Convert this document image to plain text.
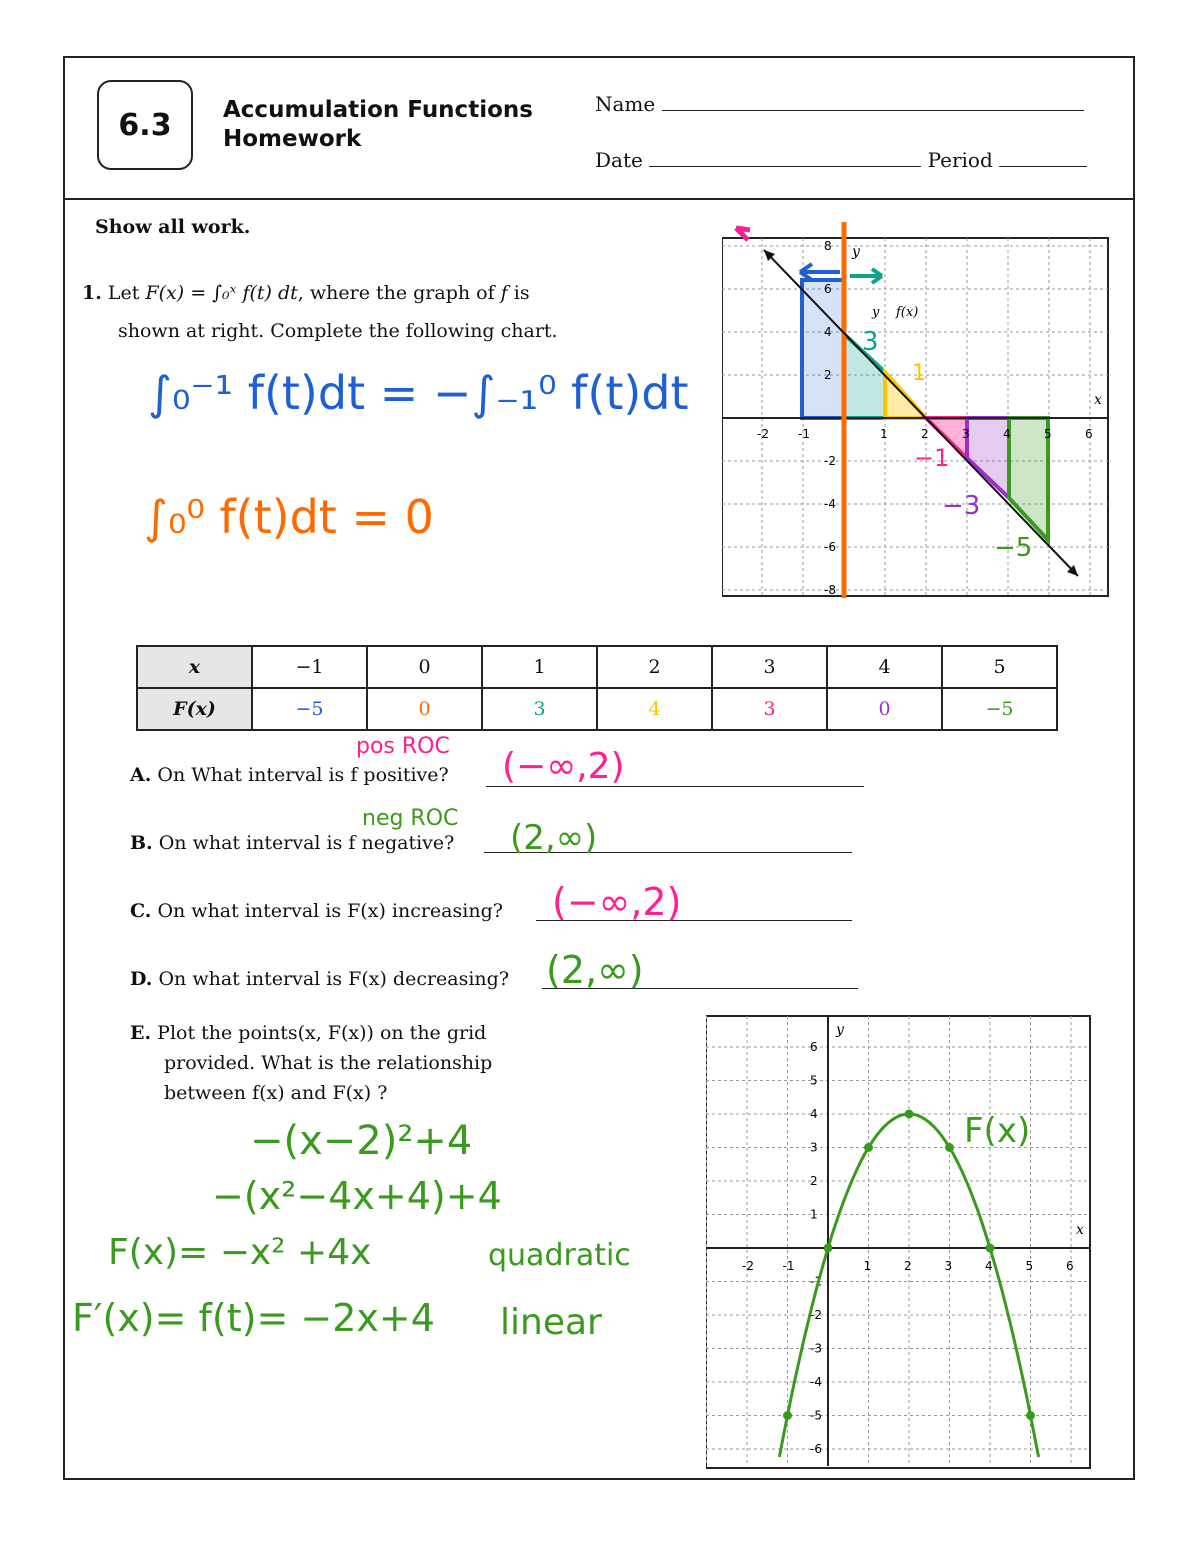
6.3 Accumulation Functions
Homework
Name
Date	Period
Show all work.
1. Let F(x) = ∫₀ˣ f(t) dt, where the graph of f is
shown at right. Complete the following chart.
∫₀⁻¹ f(t)dt = −∫₋₁⁰ f(t)dt
∫₀⁰ f(t)dt = 0
x
y
y f(x)
-2 -1	1	2	3	4	5	6
8
6
4
2
-2
-4
-6
-8
3
1
−1
−3
−5
x	−1	0	1	2	3	4	5
F(x)	−5	0	3	4	3	0	−5
pos ROC
A. On What interval is f positive? (−∞,2)
neg ROC
B. On what interval is f negative? (2,∞)
C. On what interval is F(x) increasing? (−∞,2)
D. On what interval is F(x) decreasing? (2,∞)
E. Plot the points(x, F(x)) on the grid
provided. What is the relationship
between f(x) and F(x) ?
−(x−2)²+4
−(x²−4x+4)+4
F(x)= −x² +4x	quadratic
F′(x)= f(t)= −2x+4 linear
x
y
-2 -1	1	2	3	4	5	6
6
5
4
3
2
1
-1
-2
-3
-4
-5
-6
F(x)
